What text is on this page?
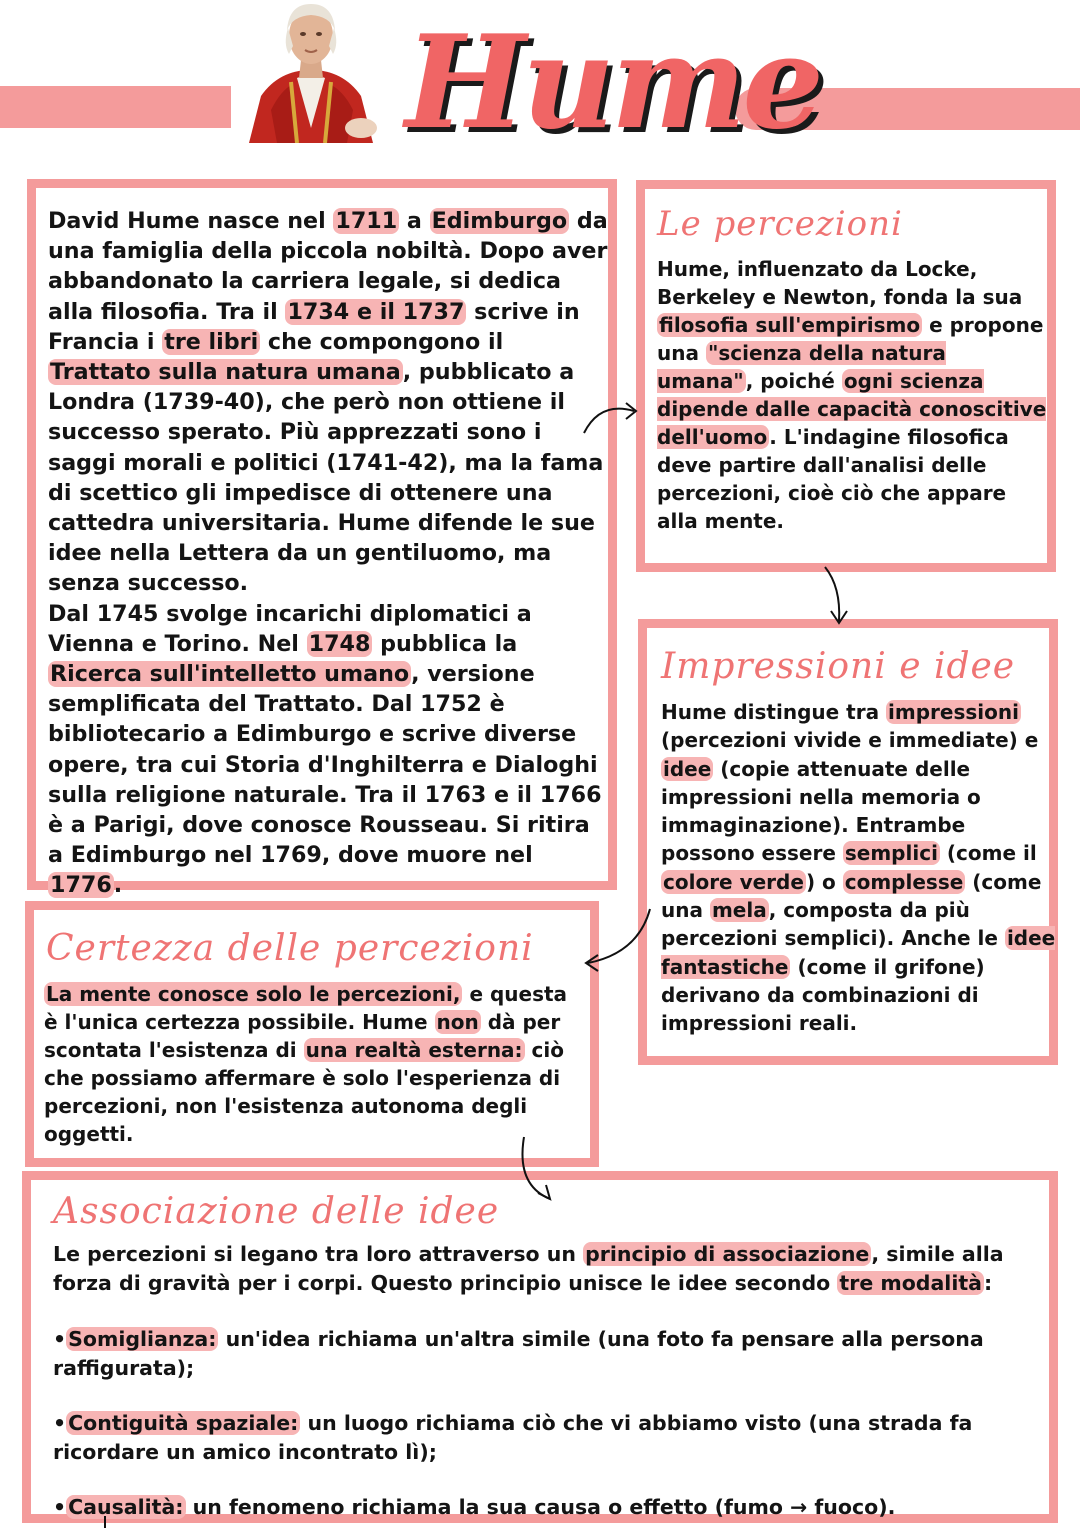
Hume

David Hume nasce nel 1711 a Edimburgo da una famiglia della piccola nobiltà. Dopo aver abbandonato la carriera legale, si dedica alla filosofia. Tra il 1734 e il 1737 scrive in Francia i tre libri che compongono il Trattato sulla natura umana, pubblicato a Londra (1739-40), che però non ottiene il successo sperato. Più apprezzati sono i saggi morali e politici (1741-42), ma la fama di scettico gli impedisce di ottenere una cattedra universitaria. Hume difende le sue idee nella Lettera da un gentiluomo, ma senza successo.
Dal 1745 svolge incarichi diplomatici a Vienna e Torino. Nel 1748 pubblica la Ricerca sull'intelletto umano, versione semplificata del Trattato. Dal 1752 è bibliotecario a Edimburgo e scrive diverse opere, tra cui Storia d'Inghilterra e Dialoghi sulla religione naturale. Tra il 1763 e il 1766 è a Parigi, dove conosce Rousseau. Si ritira a Edimburgo nel 1769, dove muore nel 1776.

Le percezioni

Hume, influenzato da Locke, Berkeley e Newton, fonda la sua filosofia sull'empirismo e propone una "scienza della natura umana" , poiché ogni scienza dipende dalle capacità conoscitive dell'uomo . L'indagine filosofica deve partire dall'analisi delle percezioni, cioè ciò che appare alla mente.

Impressioni e idee

Hume distingue tra impressioni (percezioni vivide e immediate) e idee (copie attenuate delle impressioni nella memoria o immaginazione). Entrambe possono essere semplici (come il colore verde ) o complesse (come una mela , composta da più percezioni semplici). Anche le idee fantastiche (come il grifone) derivano da combinazioni di impressioni reali.

Certezza delle percezioni

La mente conosce solo le percezioni, e questa è l'unica certezza possibile. Hume non dà per scontata l'esistenza di una realtà esterna: ciò che possiamo affermare è solo l'esperienza di percezioni, non l'esistenza autonoma degli oggetti.

Associazione delle idee

Le percezioni si legano tra loro attraverso un principio di associazione, simile alla forza di gravità per i corpi. Questo principio unisce le idee secondo tre modalità:

•Somiglianza: un'idea richiama un'altra simile (una foto fa pensare alla persona raffigurata);

•Contiguità spaziale: un luogo richiama ciò che vi abbiamo visto (una strada fa ricordare un amico incontrato lì);

•Causalità: un fenomeno richiama la sua causa o effetto (fumo → fuoco).
